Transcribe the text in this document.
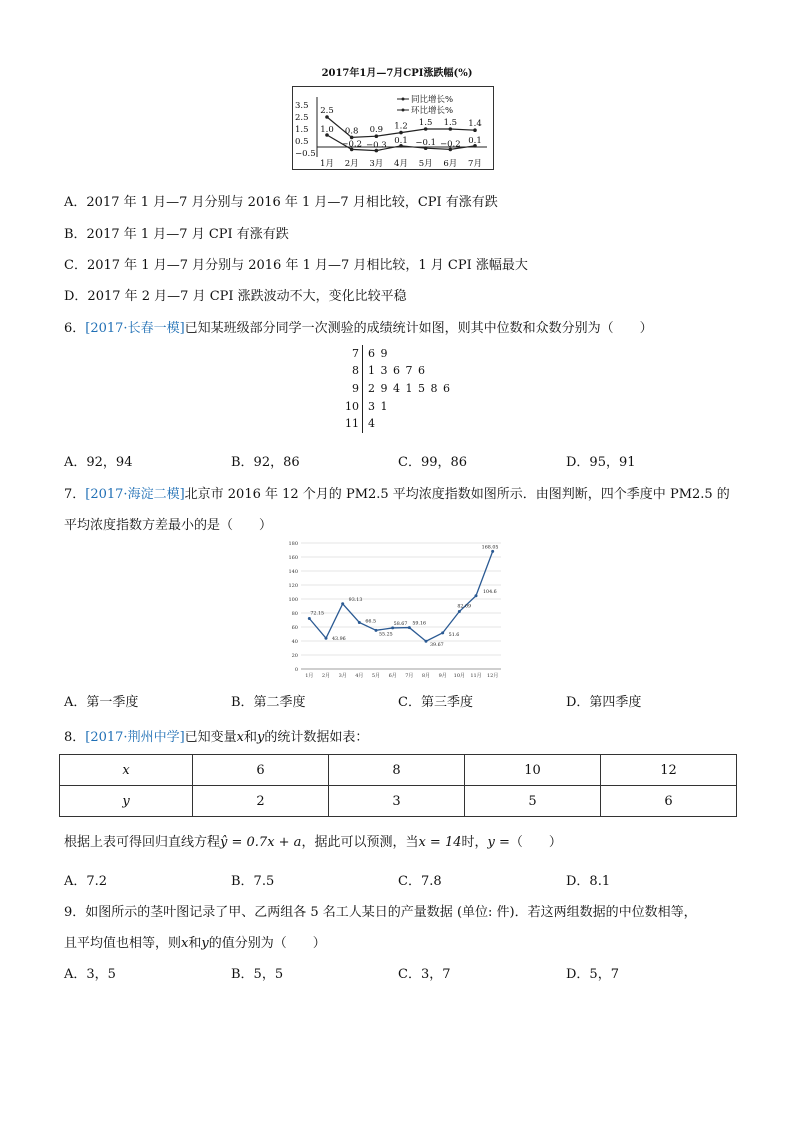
2017年1月—7月CPI涨跌幅(%)
3.5
2.5
1.5
0.5
−0.5
1月 2月 3月 4月 5月 6月 7月
同比增长%
环比增长%
2.5
0.8 0.9 1.2 1.5 1.5 1.4
1.0
−0.2 −0.3 0.1 −0.1 −0.2 0.1
A．2017 年 1 月—7 月分别与 2016 年 1 月—7 月相比较，CPI 有涨有跌
B．2017 年 1 月—7 月 CPI 有涨有跌
C．2017 年 1 月—7 月分别与 2016 年 1 月—7 月相比较，1 月 CPI 涨幅最大
D．2017 年 2 月—7 月 CPI 涨跌波动不大，变化比较平稳
6．[2017·长春一模]已知某班级部分同学一次测验的成绩统计如图，则其中位数和众数分别为（　　）
7 6 9
8 1 3 6 7 6
9 2 9 4 1 5 8 6
10 3 1
11 4
A．92，94	B．92，86	C．99，86	D．95，91
7．[2017·海淀二模]北京市 2016 年 12 个月的 PM2.5 平均浓度指数如图所示．由图判断，四个季度中 PM2.5 的
平均浓度指数方差最小的是（　　）
0
20
40
60
80
100
120
140
160
180
1月 2月 3月 4月 5月 6月 7月 8月 9月 10月 11月 12月
72.15
43.96
93.13
66.5
55.25
58.67 59.16
39.67
51.6
82.09
104.6
168.05
A．第一季度	B．第二季度	C．第三季度	D．第四季度
8．[2017·荆州中学]已知变量x和y的统计数据如表：
x	6	8	10	12
y	2	3	5	6
根据上表可得回归直线方程ŷ = 0.7x + a，据此可以预测，当x = 14时，y =（　　）
A．7.2	B．7.5	C．7.8	D．8.1
9．如图所示的茎叶图记录了甲、乙两组各 5 名工人某日的产量数据 (单位: 件)．若这两组数据的中位数相等，
且平均值也相等，则x和y的值分别为（　　）
A．3，5	B．5，5	C．3，7	D．5，7
